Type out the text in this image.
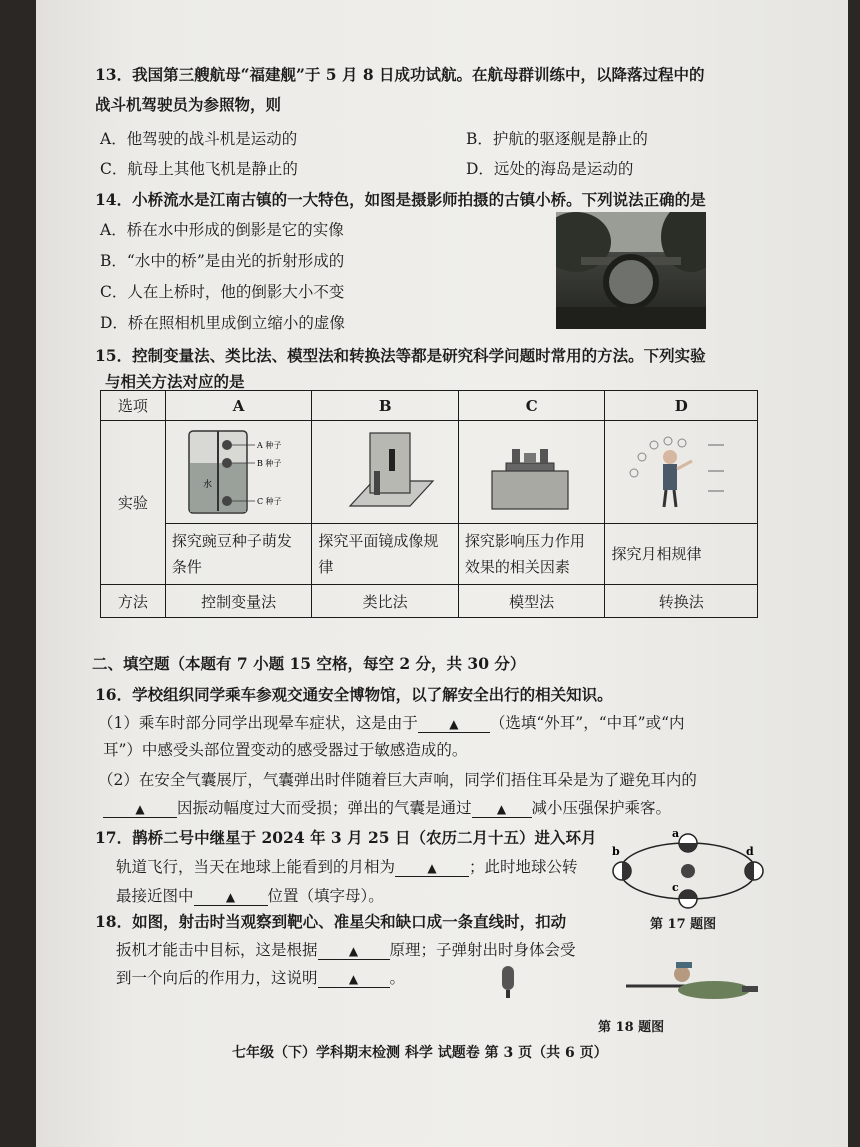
13．我国第三艘航母“福建舰”于 5 月 8 日成功试航。在航母群训练中，以降落过程中的
战斗机驾驶员为参照物，则
A．他驾驶的战斗机是运动的	B．护航的驱逐舰是静止的
C．航母上其他飞机是静止的	D．远处的海岛是运动的
14．小桥流水是江南古镇的一大特色，如图是摄影师拍摄的古镇小桥。下列说法正确的是
A．桥在水中形成的倒影是它的实像
B．“水中的桥”是由光的折射形成的
C．人在上桥时，他的倒影大小不变
D．桥在照相机里成倒立缩小的虚像
15．控制变量法、类比法、模型法和转换法等都是研究科学问题时常用的方法。下列实验
与相关方法对应的是
选项	A	B	C	D
实验	A 种子
B 种子
C 种子
水

	探究豌豆种子萌发条件	探究平面镜成像规律	探究影响压力作用效果的相关因素	探究月相规律
方法	控制变量法	类比法	模型法	转换法
二、填空题（本题有 7 小题 15 空格，每空 2 分，共 30 分）
16．学校组织同学乘车参观交通安全博物馆，以了解安全出行的相关知识。
（1）乘车时部分同学出现晕车症状，这是由于	▲ （选填“外耳”，“中耳”或“内
耳”）中感受头部位置变动的感受器过于敏感造成的。
（2）在安全气囊展厅，气囊弹出时伴随着巨大声响，同学们捂住耳朵是为了避免耳内的
▲ 因振动幅度过大而受损；弹出的气囊是通过 ▲ 减小压强保护乘客。
17．鹊桥二号中继星于 2024 年 3 月 25 日（农历二月十五）进入环月
轨道飞行，当天在地球上能看到的月相为	▲ ；此时地球公转
最接近图中	▲ 位置（填字母）。
a
b
c
d
第 17 题图
18．如图，射击时当观察到靶心、准星尖和缺口成一条直线时，扣动
扳机才能击中目标，这是根据	▲ 原理；子弹射出时身体会受
到一个向后的作用力，这说明	▲ 。
第 18 题图
七年级（下）学科期末检测 科学 试题卷 第 3 页（共 6 页）
